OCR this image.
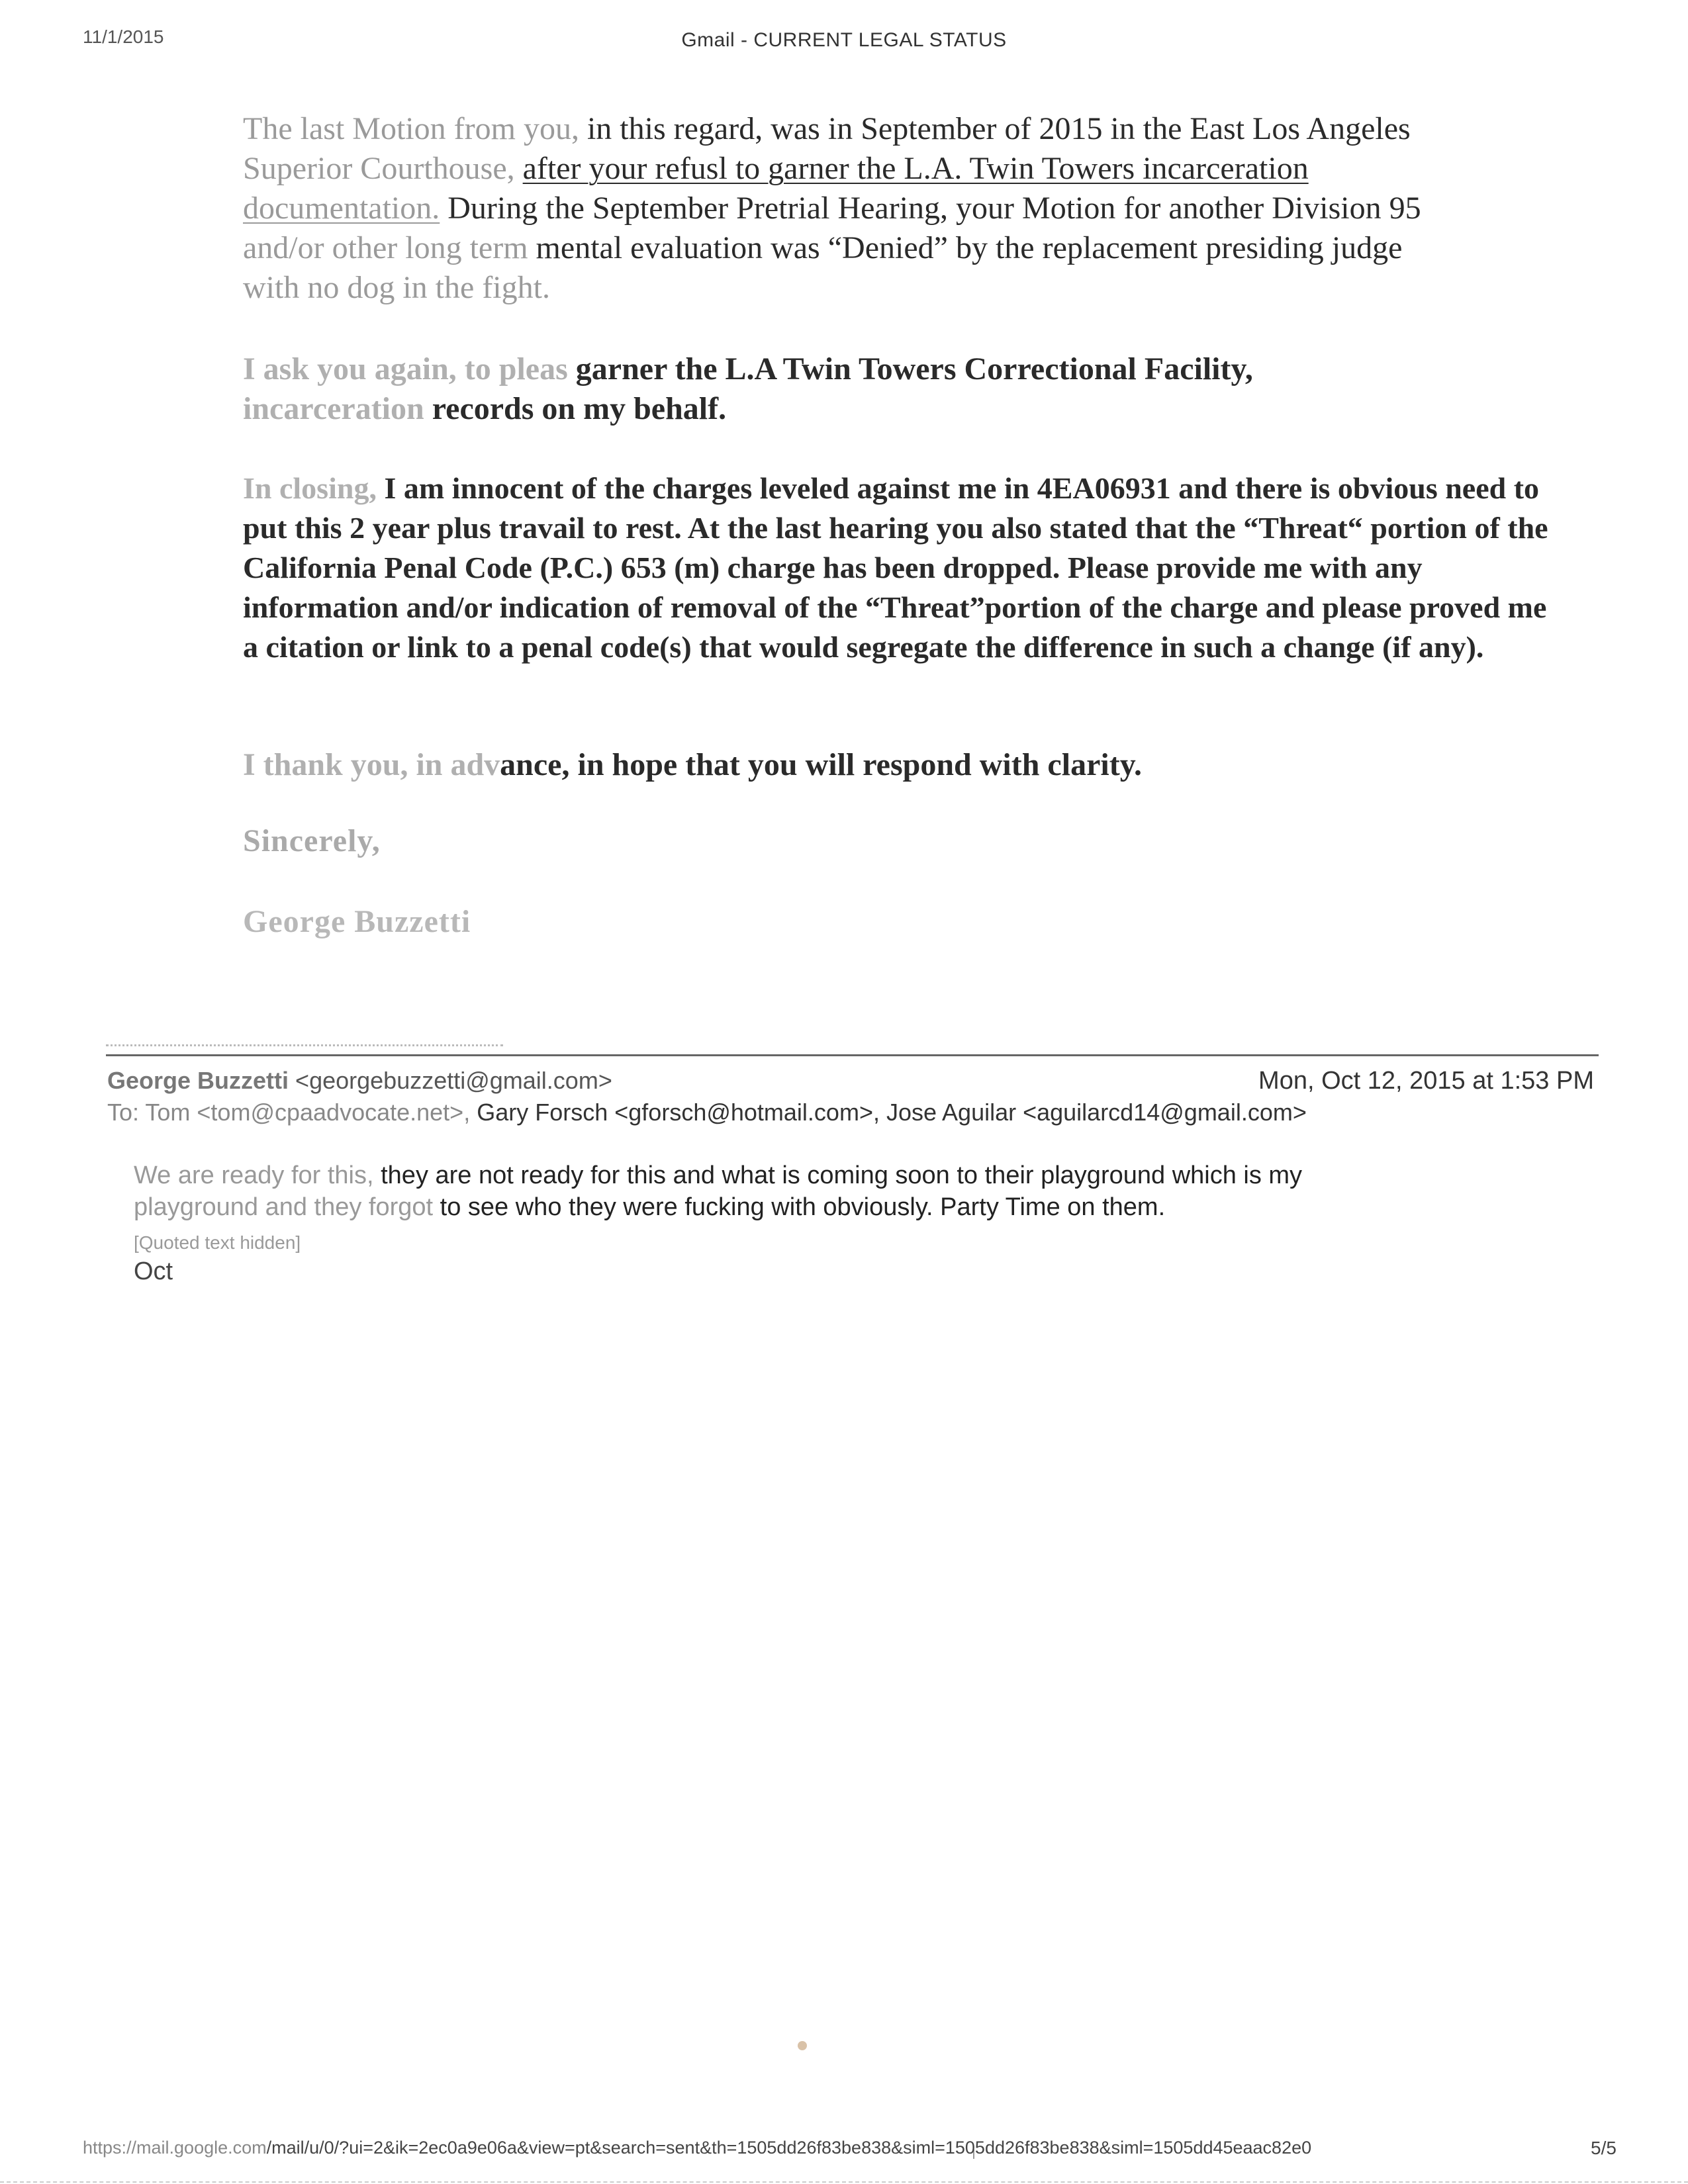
11/1/2015	Gmail - CURRENT LEGAL STATUS

The last Motion from you, in this regard, was in September of 2015 in the East Los Angeles
Superior Courthouse, after your refusl to garner the L.A. Twin Towers incarceration
documentation. During the September Pretrial Hearing, your Motion for another Division 95
and/or other long term mental evaluation was “Denied” by the replacement presiding judge
with no dog in the fight.

I ask you again, to pleas garner the L.A Twin Towers Correctional Facility,
incarceration records on my behalf.

In closing, I am innocent of the charges leveled against me in 4EA06931 and there is obvious need to put this 2 year plus travail to rest. At the last hearing you also stated that the “Threat“ portion of the California Penal Code (P.C.) 653 (m) charge has been dropped. Please provide me with any information and/or indication of removal of the “Threat”portion of the charge and please proved me a citation or link to a penal code(s) that would segregate the difference in such a change (if any).

I thank you, in advance, in hope that you will respond with clarity.

Sincerely,
George Buzzetti
George Buzzetti <georgebuzzetti@gmail.com>	Mon, Oct 12, 2015 at 1:53 PM
To: Tom <tom@cpaadvocate.net>, Gary Forsch <gforsch@hotmail.com>, Jose Aguilar <aguilarcd14@gmail.com>
We are ready for this, they are not ready for this and what is coming soon to their playground which is my
playground and they forgot to see who they were fucking with obviously. Party Time on them.
[Quoted text hidden]
Oct
https://mail.google.com/mail/u/0/?ui=2&ik=2ec0a9e06a&view=pt&search=sent&th=1505dd26f83be838&siml=1505dd26f83be838&siml=1505dd45eaac82e0	5/5
